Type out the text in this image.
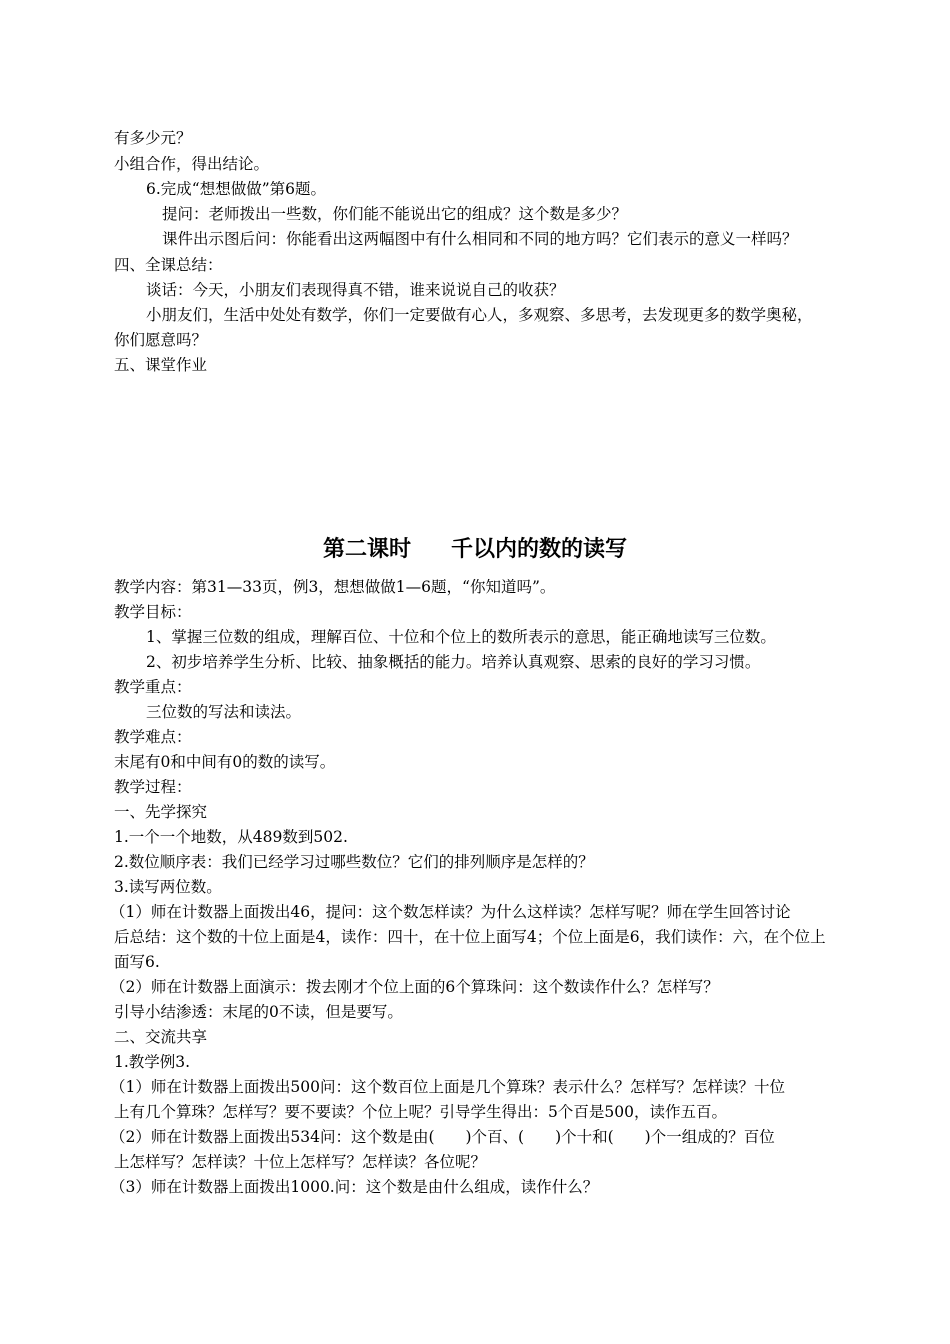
有多少元？

小组合作，得出结论。

6.完成“想想做做”第6题。

提问：老师拨出一些数，你们能不能说出它的组成？这个数是多少？

课件出示图后问：你能看出这两幅图中有什么相同和不同的地方吗？它们表示的意义一样吗？

四、全课总结：

谈话：今天，小朋友们表现得真不错，谁来说说自己的收获？

小朋友们，生活中处处有数学，你们一定要做有心人，多观察、多思考，去发现更多的数学奥秘，

你们愿意吗？

五、课堂作业

第二课时 千以内的数的读写

教学内容：第31—33页，例3，想想做做1—6题，“你知道吗”。

教学目标：

1、掌握三位数的组成，理解百位、十位和个位上的数所表示的意思，能正确地读写三位数。

2、初步培养学生分析、比较、抽象概括的能力。培养认真观察、思索的良好的学习习惯。

教学重点：

三位数的写法和读法。

教学难点：

末尾有0和中间有0的数的读写。

教学过程：

一、先学探究

1.一个一个地数，从489数到502.

2.数位顺序表：我们已经学习过哪些数位？它们的排列顺序是怎样的？

3.读写两位数。

（1）师在计数器上面拨出46，提问：这个数怎样读？为什么这样读？怎样写呢？师在学生回答讨论

后总结：这个数的十位上面是4，读作：四十，在十位上面写4；个位上面是6，我们读作：六，在个位上

面写6.

（2）师在计数器上面演示：拨去刚才个位上面的6个算珠问：这个数读作什么？怎样写？

引导小结渗透：末尾的0不读，但是要写。

二、交流共享

1.教学例3.

（1）师在计数器上面拨出500问：这个数百位上面是几个算珠？表示什么？怎样写？怎样读？十位

上有几个算珠？怎样写？要不要读？个位上呢？引导学生得出：5个百是500，读作五百。

（2）师在计数器上面拨出534问：这个数是由(　　)个百、(　　)个十和(　　)个一组成的？百位

上怎样写？怎样读？十位上怎样写？怎样读？各位呢？

（3）师在计数器上面拨出1000.问：这个数是由什么组成，读作什么？
